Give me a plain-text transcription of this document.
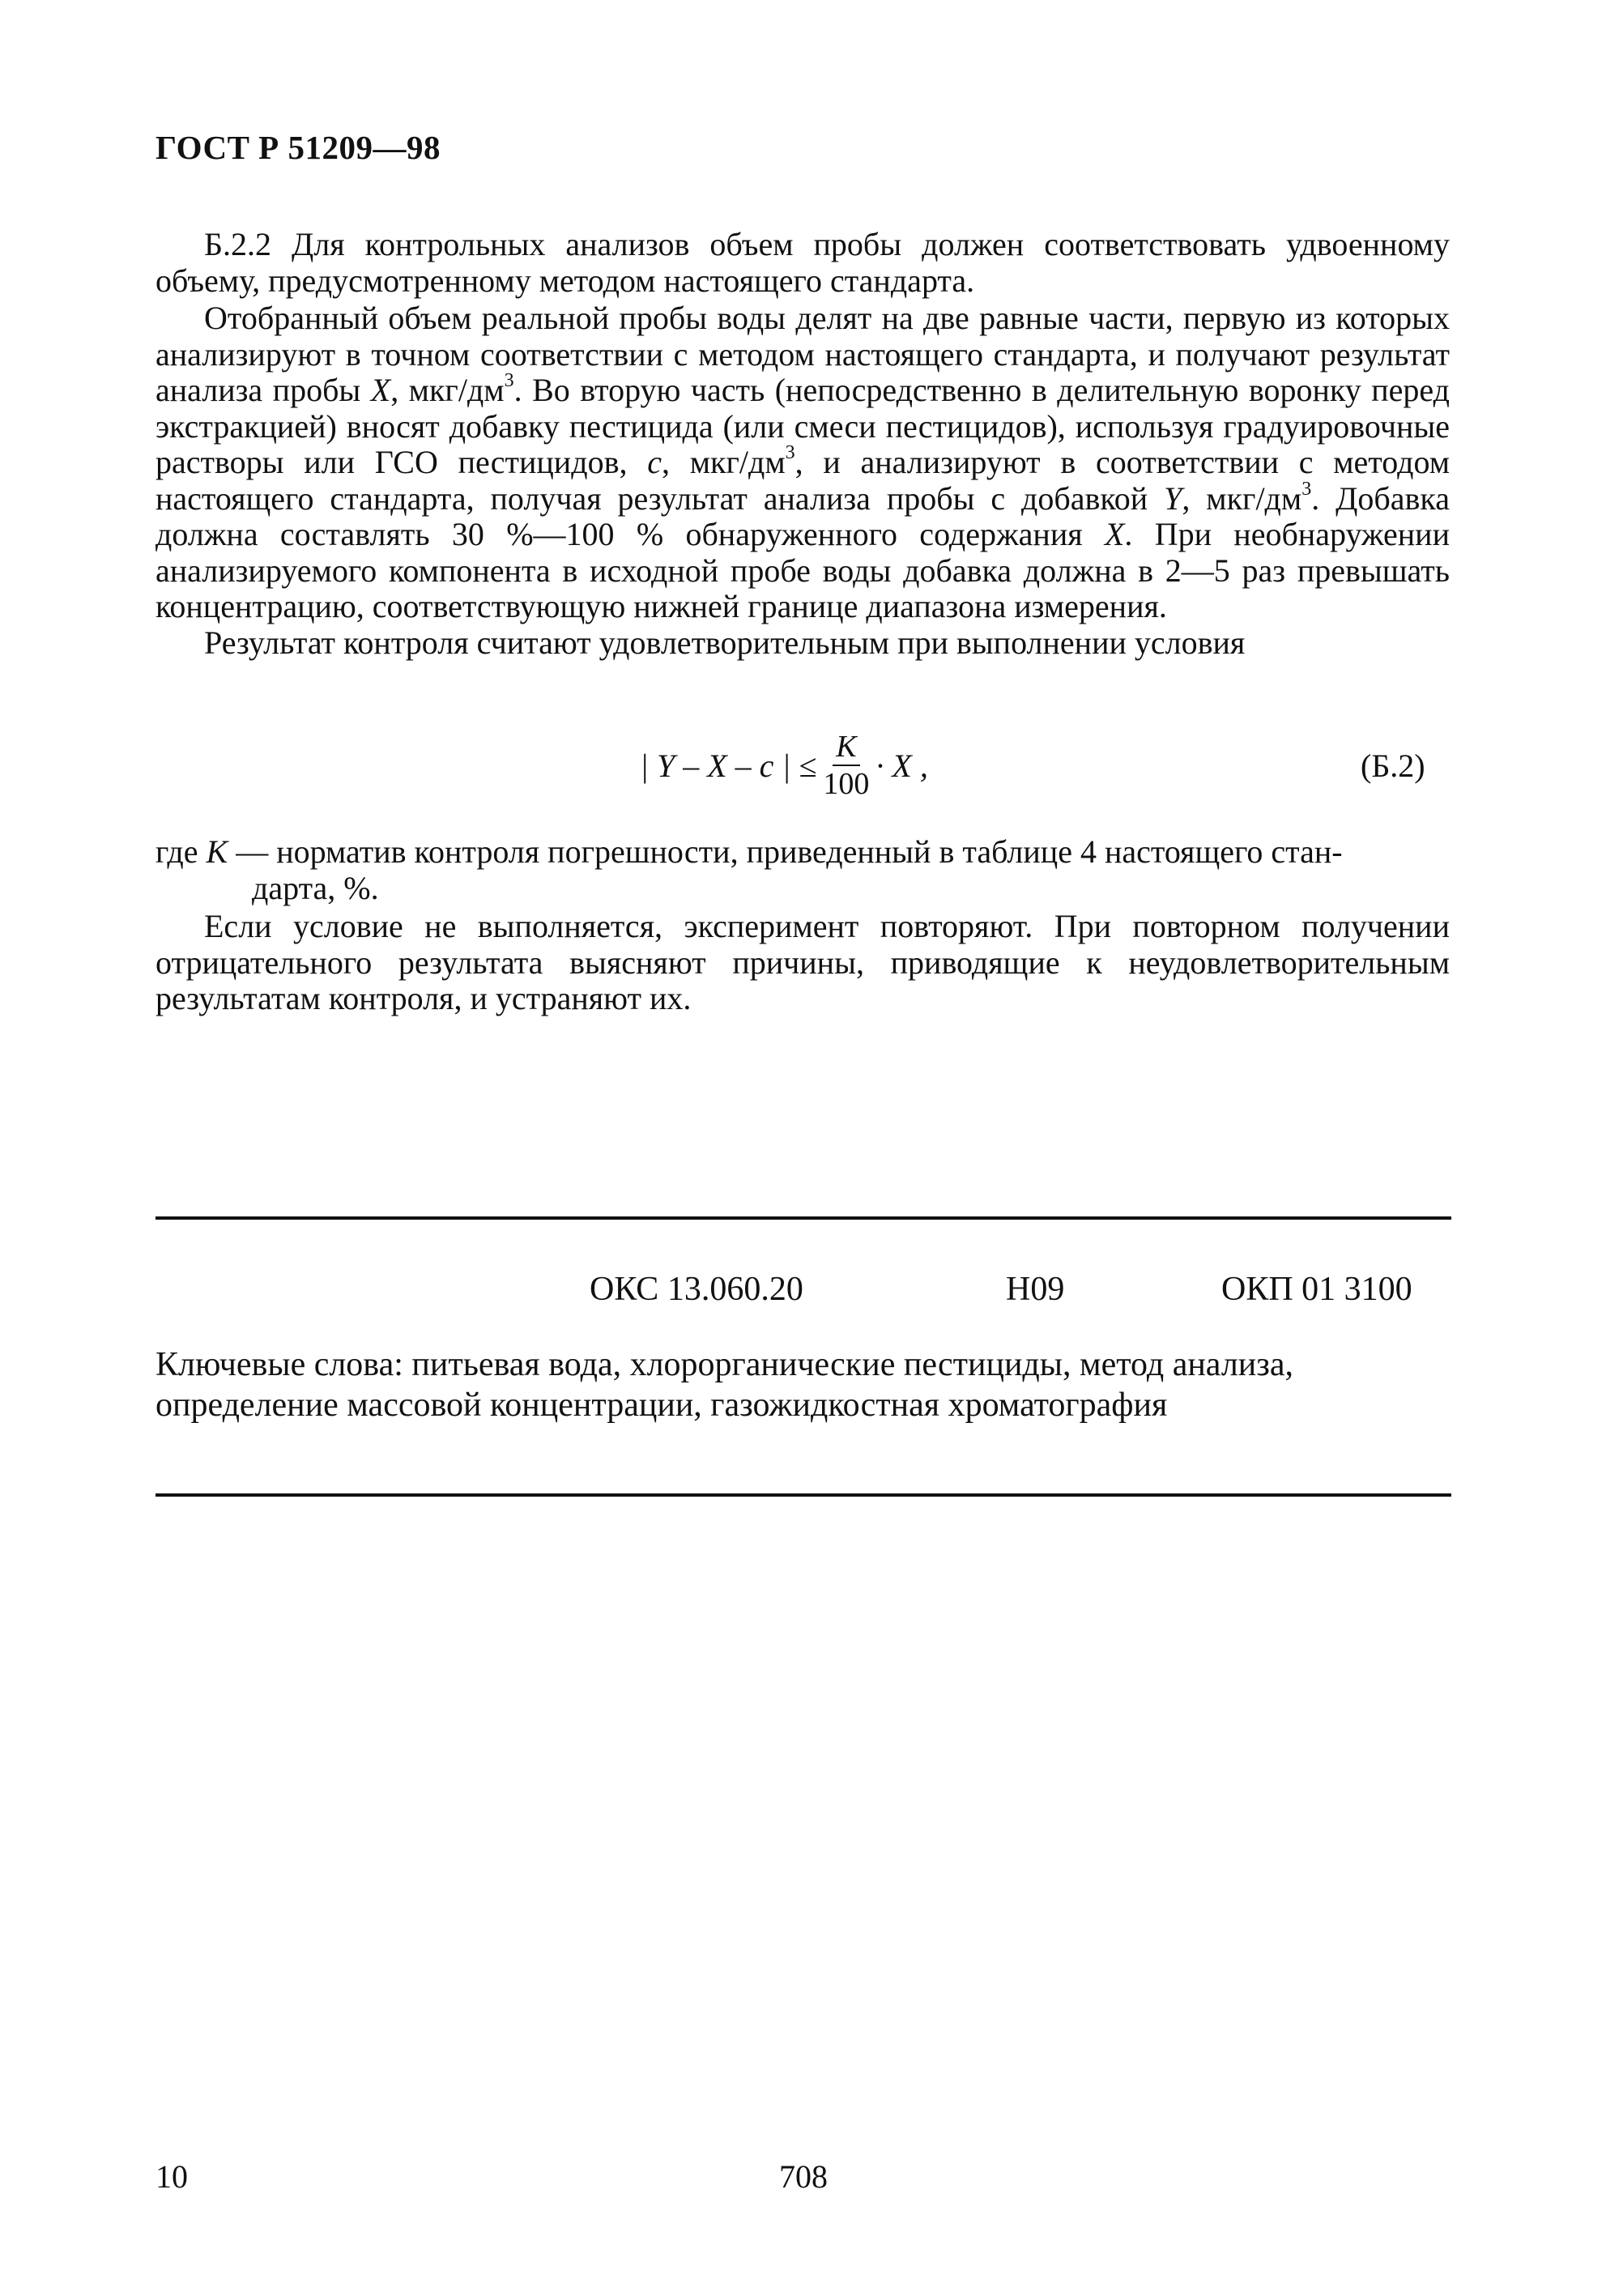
ГОСТ Р 51209—98

Б.2.2 Для контрольных анализов объем пробы должен соответствовать удвоенному объему, предусмотренному методом настоящего стандарта.

Отобранный объем реальной пробы воды делят на две равные части, первую из которых анализируют в точном соответствии с методом настоящего стандарта, и получают результат анализа пробы X, мкг/$дм^3$. Во вторую часть (непосредственно в делительную воронку перед экстракцией) вносят добавку пестицида (или смеси пестицидов), используя градуировочные растворы или ГСО пестицидов, c, мкг/$дм^3$, и анализируют в соответствии с методом настоящего стандарта, получая результат анализа пробы с добавкой Y, мкг/$дм^3$. Добавка должна составлять 30 %—100 % обнаруженного содержания X. При необнаружении анализируемого компонента в исходной пробе воды добавка должна в 2—5 раз превышать концентрацию, соответствующую нижней границе диапазона измерения.

Результат контроля считают удовлетворительным при выполнении условия

| Y – X – c | ≤ $\frac{K}{100} \cdot X$ ,	(Б.2)
где K — норматив контроля погрешности, приведенный в таблице 4 настоящего стан-
дарта, %.

Если условие не выполняется, эксперимент повторяют. При повторном получении отрицательного результата выясняют причины, приводящие к неудовлетворительным результатам контроля, и устраняют их.

ОКС 13.060.20	Н09	ОКП 01 3100
Ключевые слова: питьевая вода, хлорорганические пестициды, метод анализа, определение массовой концентрации, газожидкостная хроматография
10	708
